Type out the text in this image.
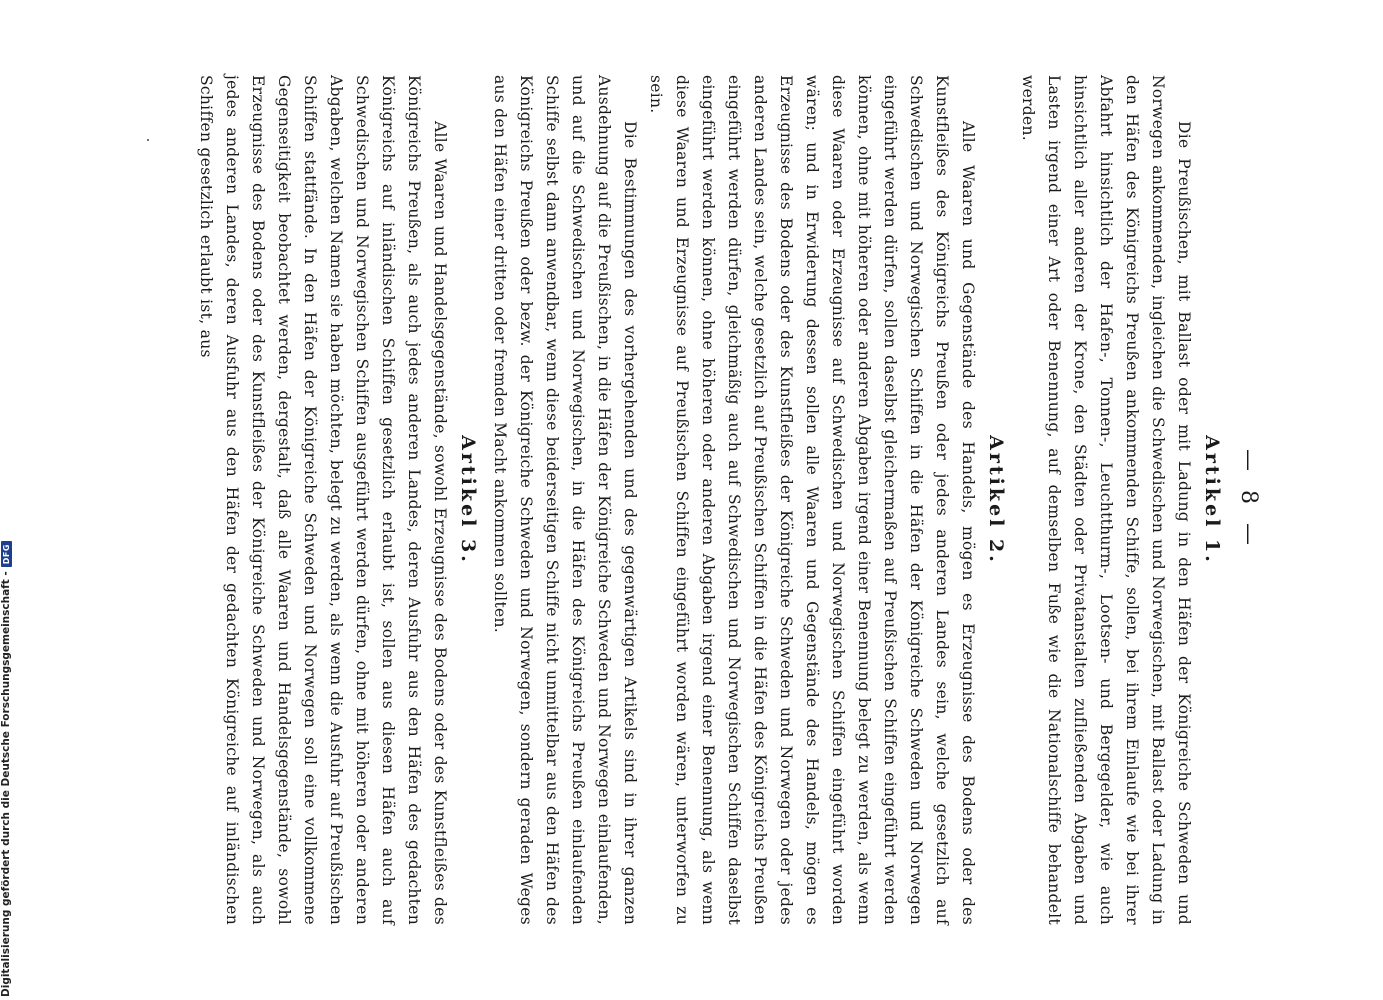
— 8 —
Artikel 1.

Die Preußischen, mit Ballast oder mit Ladung in den Häfen der Königreiche Schweden und Norwegen ankommenden, ingleichen die Schwedischen und Norwegischen, mit Ballast oder Ladung in den Häfen des Königreichs Preußen ankommenden Schiffe, sollen, bei ihrem Einlaufe wie bei ihrer Abfahrt hinsichtlich der Hafen-, Tonnen-, Leuchtthurm-, Lootsen- und Bergegelder, wie auch hinsichtlich aller anderen der Krone, den Städten oder Privatanstalten zufließenden Abgaben und Lasten irgend einer Art oder Benennung, auf demselben Fuße wie die Nationalschiffe behandelt werden.

Artikel 2.

Alle Waaren und Gegenstände des Handels, mögen es Erzeugnisse des Bodens oder des Kunstfleißes des Königreichs Preußen oder jedes anderen Landes sein, welche gesetzlich auf Schwedischen und Norwegischen Schiffen in die Häfen der Königreiche Schweden und Norwegen eingeführt werden dürfen, sollen daselbst gleichermaßen auf Preußischen Schiffen eingeführt werden können, ohne mit höheren oder anderen Abgaben irgend einer Benennung belegt zu werden, als wenn diese Waaren oder Erzeugnisse auf Schwedischen und Norwegischen Schiffen eingeführt worden wären; und in Erwiderung dessen sollen alle Waaren und Gegenstände des Handels, mögen es Erzeugnisse des Bodens oder des Kunstfleißes der Königreiche Schweden und Norwegen oder jedes anderen Landes sein, welche gesetzlich auf Preußischen Schiffen in die Häfen des Königreichs Preußen eingeführt werden dürfen, gleichmäßig auch auf Schwedischen und Norwegischen Schiffen daselbst eingeführt werden können, ohne höheren oder anderen Abgaben irgend einer Benennung, als wenn diese Waaren und Erzeugnisse auf Preußischen Schiffen eingeführt worden wären, unterworfen zu sein.

Die Bestimmungen des vorhergehenden und des gegenwärtigen Artikels sind in ihrer ganzen Ausdehnung auf die Preußischen, in die Häfen der Königreiche Schweden und Norwegen einlaufenden, und auf die Schwedischen und Norwegischen, in die Häfen des Königreichs Preußen einlaufenden Schiffe selbst dann anwendbar, wenn diese beiderseitigen Schiffe nicht unmittelbar aus den Häfen des Königreichs Preußen oder bezw. der Königreiche Schweden und Norwegen, sondern geraden Weges aus den Häfen einer dritten oder fremden Macht ankommen sollten.

Artikel 3.

Alle Waaren und Handelsgegenstände, sowohl Erzeugnisse des Bodens oder des Kunstfleißes des Königreichs Preußen, als auch jedes anderen Landes, deren Ausfuhr aus den Häfen des gedachten Königreichs auf inländischen Schiffen gesetzlich erlaubt ist, sollen aus diesen Häfen auch auf Schwedischen und Norwegischen Schiffen ausgeführt werden dürfen, ohne mit höheren oder anderen Abgaben, welchen Namen sie haben möchten, belegt zu werden, als wenn die Ausfuhr auf Preußischen Schiffen stattfände. In den Häfen der Königreiche Schweden und Norwegen soll eine vollkommene Gegenseitigkeit beobachtet werden, dergestalt, daß alle Waaren und Handelsgegenstände, sowohl Erzeugnisse des Bodens oder des Kunstfleißes der Königreiche Schweden und Norwegen, als auch jedes anderen Landes, deren Ausfuhr aus den Häfen der gedachten Königreiche auf inländischen Schiffen gesetzlich erlaubt ist, aus

Digitalisierung gefördert durch die Deutsche Forschungsgemeinschaft -
DFG
